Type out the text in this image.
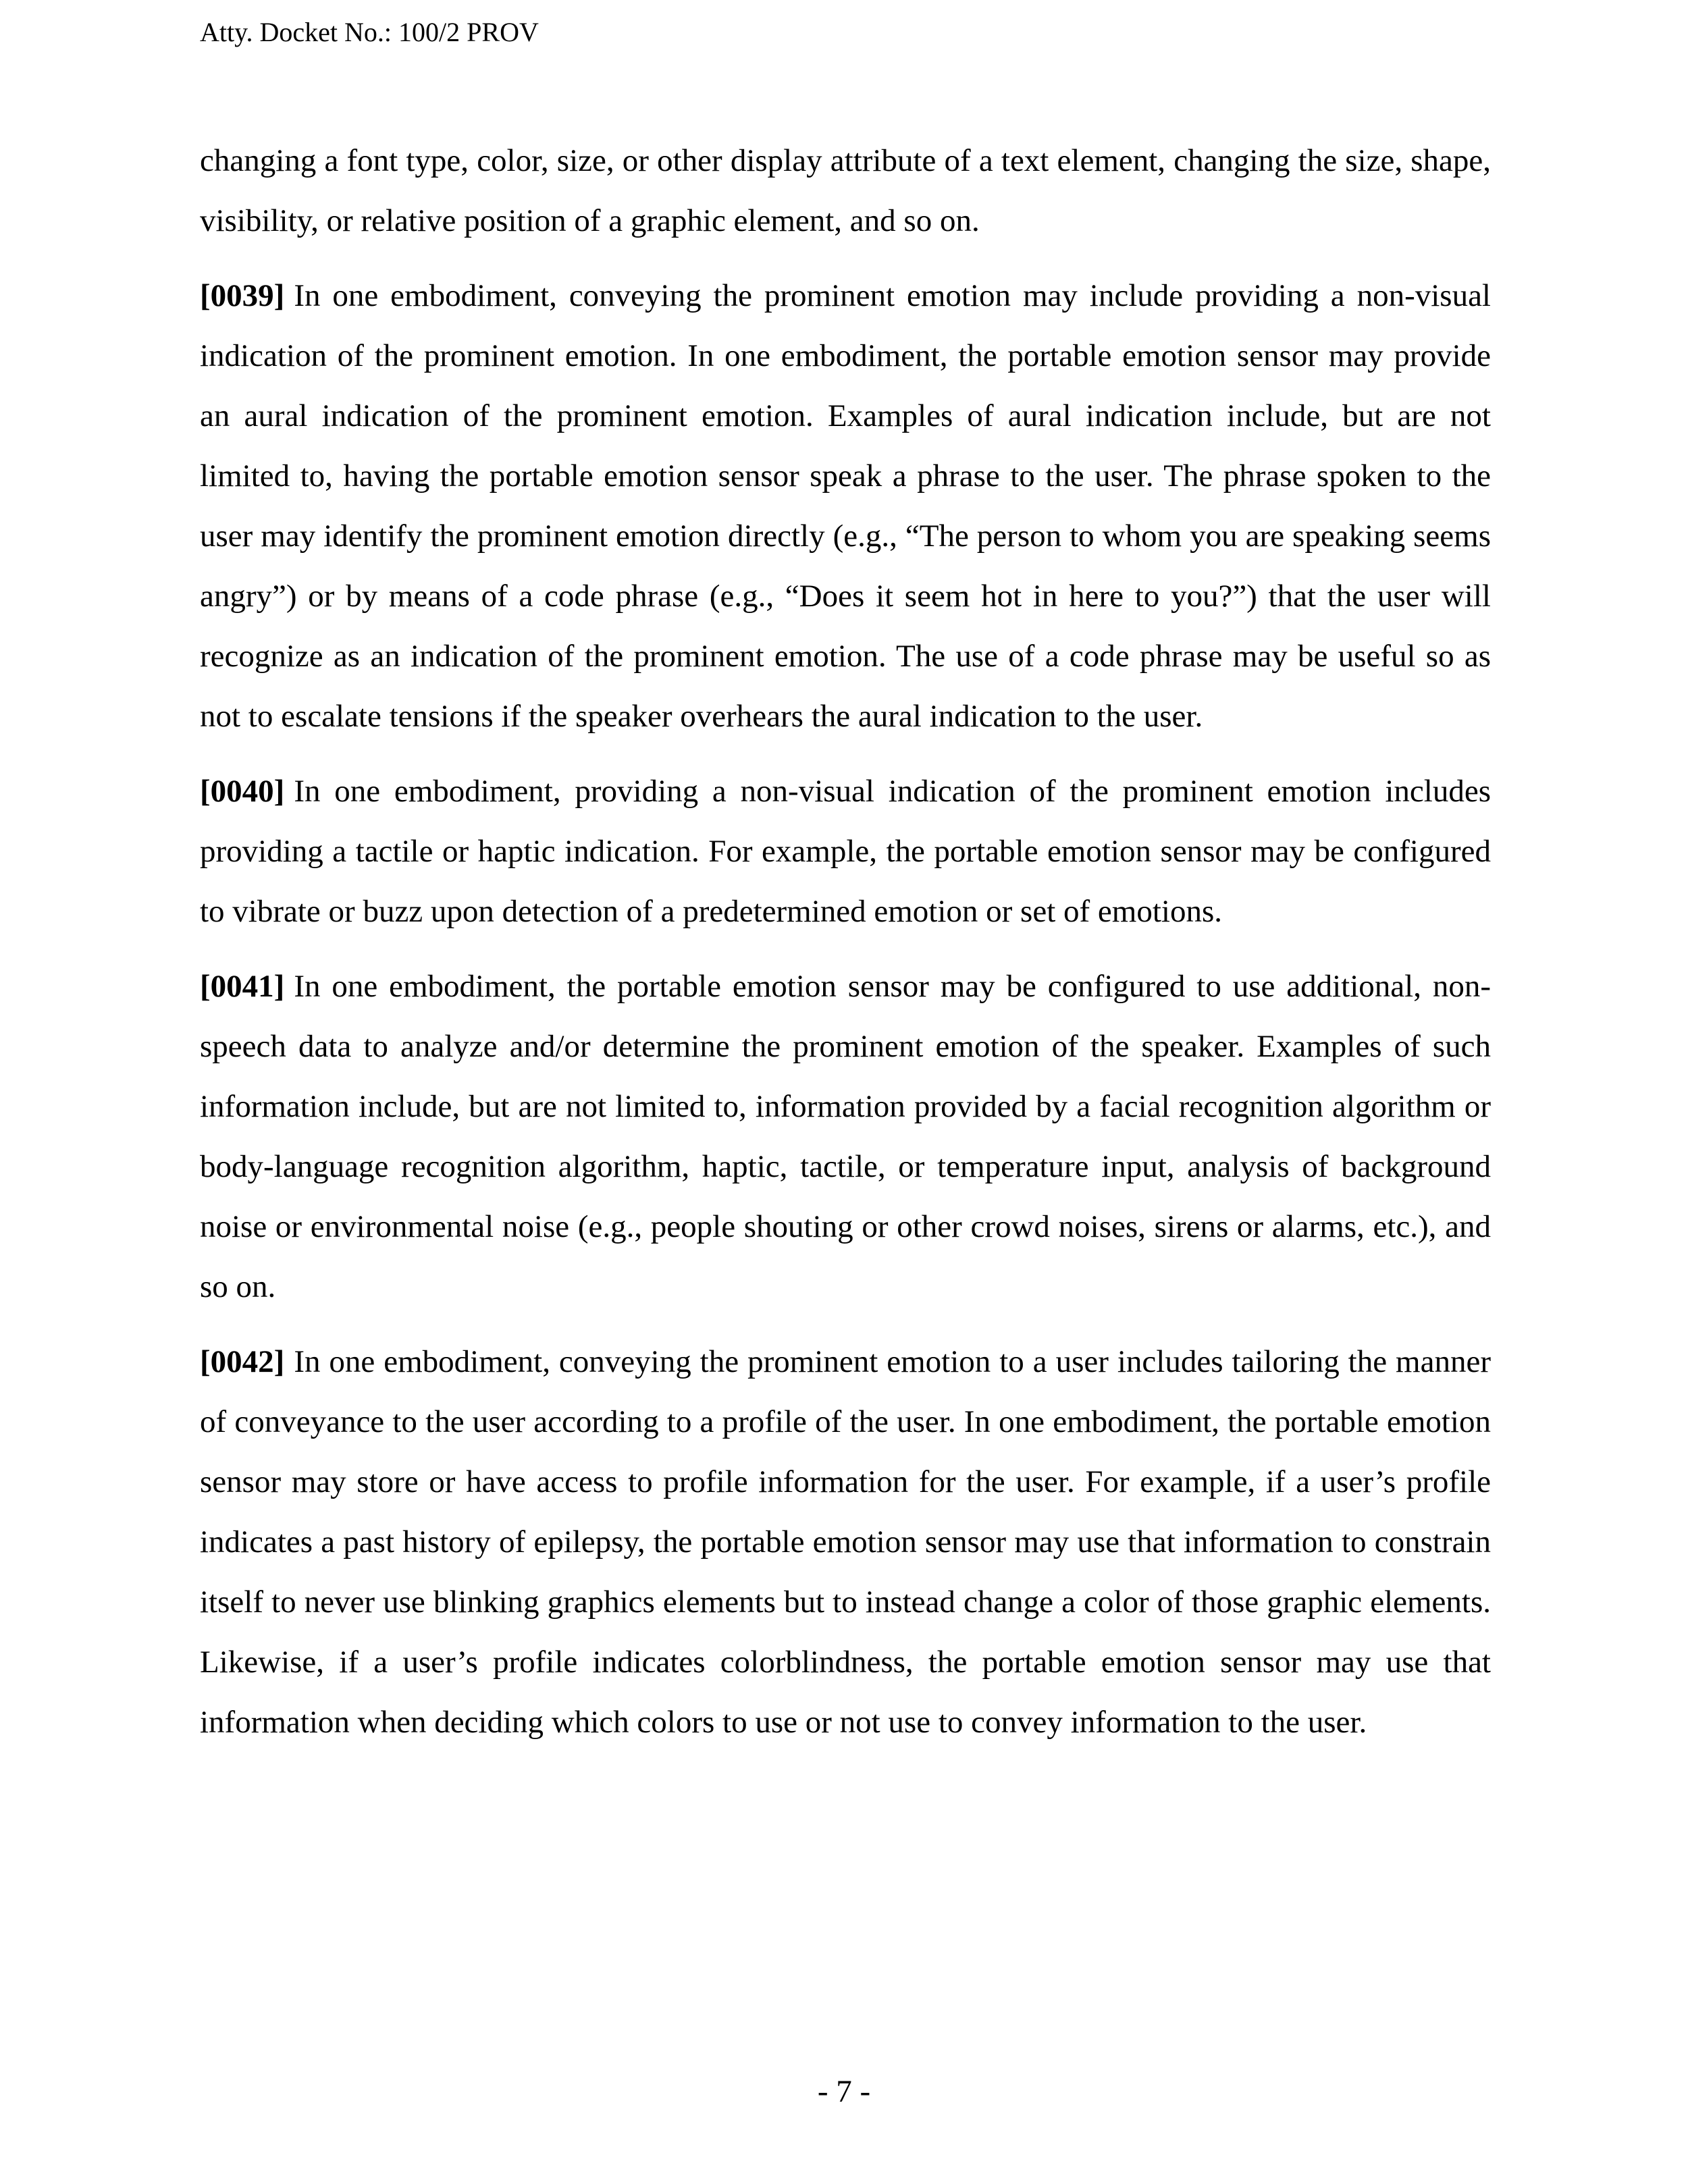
Atty. Docket No.: 100/2 PROV

changing a font type, color, size, or other display attribute of a text element, changing the size, shape, visibility, or relative position of a graphic element, and so on.

[0039] In one embodiment, conveying the prominent emotion may include providing a non-visual indication of the prominent emotion. In one embodiment, the portable emotion sensor may provide an aural indication of the prominent emotion. Examples of aural indication include, but are not limited to, having the portable emotion sensor speak a phrase to the user. The phrase spoken to the user may identify the prominent emotion directly (e.g., “The person to whom you are speaking seems angry”) or by means of a code phrase (e.g., “Does it seem hot in here to you?”) that the user will recognize as an indication of the prominent emotion. The use of a code phrase may be useful so as not to escalate tensions if the speaker overhears the aural indication to the user.

[0040] In one embodiment, providing a non-visual indication of the prominent emotion includes providing a tactile or haptic indication. For example, the portable emotion sensor may be configured to vibrate or buzz upon detection of a predetermined emotion or set of emotions.

[0041] In one embodiment, the portable emotion sensor may be configured to use additional, non-speech data to analyze and/or determine the prominent emotion of the speaker. Examples of such information include, but are not limited to, information provided by a facial recognition algorithm or body-language recognition algorithm, haptic, tactile, or temperature input, analysis of background noise or environmental noise (e.g., people shouting or other crowd noises, sirens or alarms, etc.), and so on.

[0042] In one embodiment, conveying the prominent emotion to a user includes tailoring the manner of conveyance to the user according to a profile of the user. In one embodiment, the portable emotion sensor may store or have access to profile information for the user. For example, if a user’s profile indicates a past history of epilepsy, the portable emotion sensor may use that information to constrain itself to never use blinking graphics elements but to instead change a color of those graphic elements. Likewise, if a user’s profile indicates colorblindness, the portable emotion sensor may use that information when deciding which colors to use or not use to convey information to the user.

- 7 -
